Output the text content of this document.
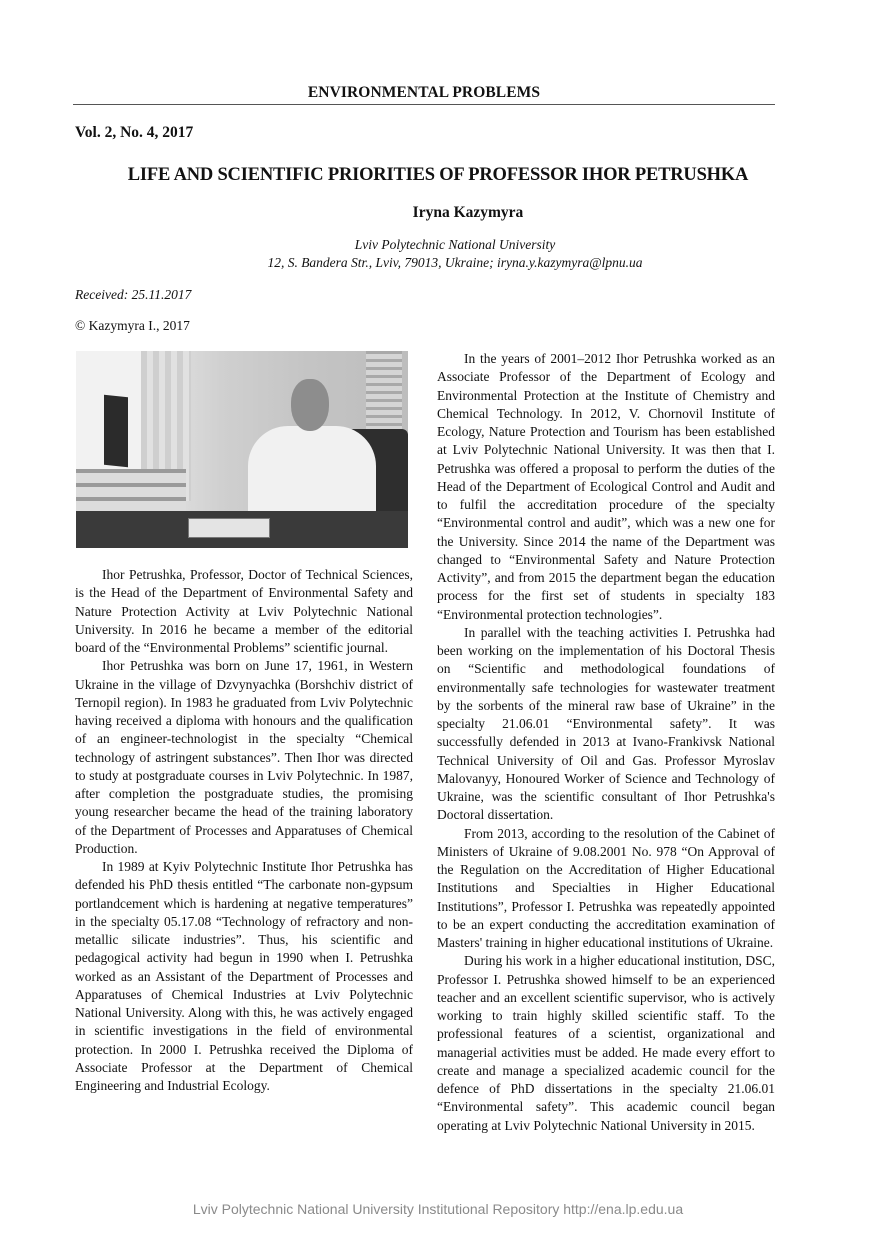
ENVIRONMENTAL PROBLEMS
Vol. 2, No. 4, 2017
LIFE AND SCIENTIFIC PRIORITIES OF PROFESSOR IHOR PETRUSHKA
Iryna Kazymyra
Lviv Polytechnic National University
12, S. Bandera Str., Lviv, 79013, Ukraine; iryna.y.kazymyra@lpnu.ua
Received: 25.11.2017
© Kazymyra I., 2017

Ihor Petrushka, Professor, Doctor of Technical Sciences, is the Head of the Department of Environmental Safety and Nature Protection Activity at Lviv Polytechnic National University. In 2016 he became a member of the editorial board of the “Environmental Problems” scientific journal.

Ihor Petrushka was born on June 17, 1961, in Western Ukraine in the village of Dzvynyachka (Borshchiv district of Ternopil region). In 1983 he graduated from Lviv Polytechnic having received a diploma with honours and the qualification of an engineer-technologist in the specialty “Chemical technology of astringent substances”. Then Ihor was directed to study at postgraduate courses in Lviv Polytechnic. In 1987, after completion the postgraduate studies, the promising young researcher became the head of the training laboratory of the Department of Processes and Apparatuses of Chemical Production.

In 1989 at Kyiv Polytechnic Institute Ihor Petrushka has defended his PhD thesis entitled “The carbonate non-gypsum portlandcement which is hardening at negative temperatures” in the specialty 05.17.08 “Technology of refractory and non-metallic silicate industries”. Thus, his scientific and pedagogical activity had begun in 1990 when I. Petrushka worked as an Assistant of the Department of Processes and Apparatuses of Chemical Industries at Lviv Polytechnic National University. Along with this, he was actively engaged in scientific investigations in the field of environmental protection. In 2000 I. Petrushka received the Diploma of Associate Professor at the Department of Chemical Engineering and Industrial Ecology.

In the years of 2001–2012 Ihor Petrushka worked as an Associate Professor of the Department of Ecology and Environmental Protection at the Institute of Chemistry and Chemical Technology. In 2012, V. Chornovil Institute of Ecology, Nature Protection and Tourism has been established at Lviv Polytechnic National University. It was then that I. Petrushka was offered a proposal to perform the duties of the Head of the Department of Ecological Control and Audit and to fulfil the accreditation procedure of the specialty “Environmental control and audit”, which was a new one for the University. Since 2014 the name of the Department was changed to “Environmental Safety and Nature Protection Activity”, and from 2015 the department began the education process for the first set of students in specialty 183 “Environmental protection technologies”.

In parallel with the teaching activities I. Petrushka had been working on the implementation of his Doctoral Thesis on “Scientific and methodological foundations of environmentally safe technologies for wastewater treatment by the sorbents of the mineral raw base of Ukraine” in the specialty 21.06.01 “Environmental safety”. It was successfully defended in 2013 at Ivano-Frankivsk National Technical University of Oil and Gas. Professor Myroslav Malovanyy, Honoured Worker of Science and Technology of Ukraine, was the scientific consultant of Ihor Petrushka's Doctoral dissertation.

From 2013, according to the resolution of the Cabinet of Ministers of Ukraine of 9.08.2001 No. 978 “On Approval of the Regulation on the Accreditation of Higher Educational Institutions and Specialties in Higher Educational Institutions”, Professor I. Petrushka was repeatedly appointed to be an expert conducting the accreditation examination of Masters' training in higher educational institutions of Ukraine.

During his work in a higher educational institution, DSC, Professor I. Petrushka showed himself to be an experienced teacher and an excellent scientific supervisor, who is actively working to train highly skilled scientific staff. To the professional features of a scientist, organizational and managerial activities must be added. He made every effort to create and manage a specialized academic council for the defence of PhD dissertations in the specialty 21.06.01 “Environmental safety”. This academic council began operating at Lviv Polytechnic National University in 2015.

Lviv Polytechnic National University Institutional Repository http://ena.lp.edu.ua
